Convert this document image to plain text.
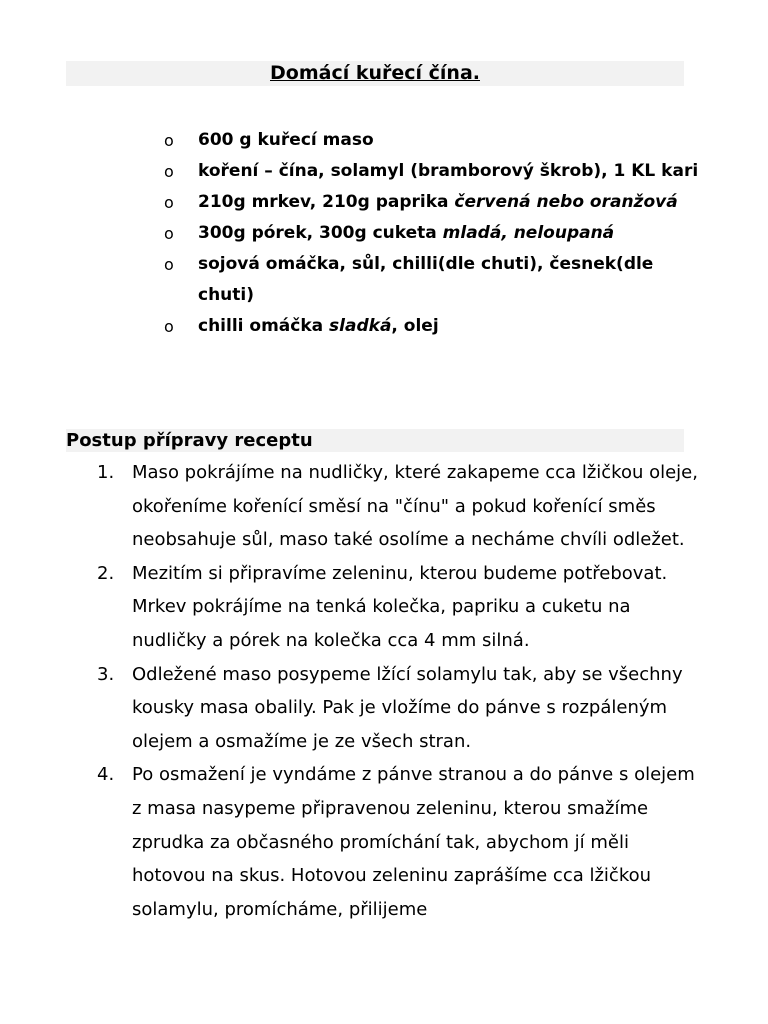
Domácí kuřecí čína.
o 600 g kuřecí maso
o koření – čína, solamyl (bramborový škrob), 1 KL kari
o 210g mrkev, 210g paprika červená nebo oranžová
o 300g pórek, 300g cuketa mladá, neloupaná
o sojová omáčka, sůl, chilli(dle chuti), česnek(dle chuti)
o chilli omáčka sladká, olej
Postup přípravy receptu
1. Maso pokrájíme na nudličky, které zakapeme cca lžičkou oleje, okořeníme kořenící směsí na "čínu" a pokud kořenící směs neobsahuje sůl, maso také osolíme a necháme chvíli odležet.
2. Mezitím si připravíme zeleninu, kterou budeme potřebovat. Mrkev pokrájíme na tenká kolečka, papriku a cuketu na nudličky a pórek na kolečka cca 4 mm silná.
3. Odležené maso posypeme lžící solamylu tak, aby se všechny kousky masa obalily. Pak je vložíme do pánve s rozpáleným olejem a osmažíme je ze všech stran.
4. Po osmažení je vyndáme z pánve stranou a do pánve s olejem z masa nasypeme připravenou zeleninu, kterou smažíme zprudka za občasného promíchání tak, abychom jí měli hotovou na skus. Hotovou zeleninu zaprášíme cca lžičkou solamylu, promícháme, přilijeme
